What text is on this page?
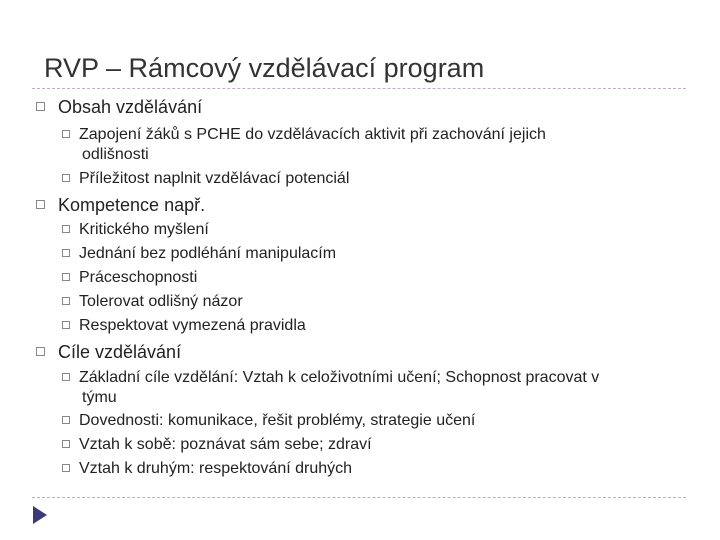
RVP – Rámcový vzdělávací program
Obsah vzdělávání
Zapojení žáků s PCHE do vzdělávacích aktivit při zachování jejich
odlišnosti
Příležitost naplnit vzdělávací potenciál
Kompetence např.
Kritického myšlení
Jednání bez podléhání manipulacím
Práceschopnosti
Tolerovat odlišný názor
Respektovat vymezená pravidla
Cíle vzdělávání
Základní cíle vzdělání: Vztah k celoživotními učení; Schopnost pracovat v
týmu
Dovednosti: komunikace, řešit problémy, strategie učení
Vztah k sobě: poznávat sám sebe; zdraví
Vztah k druhým: respektování druhých
